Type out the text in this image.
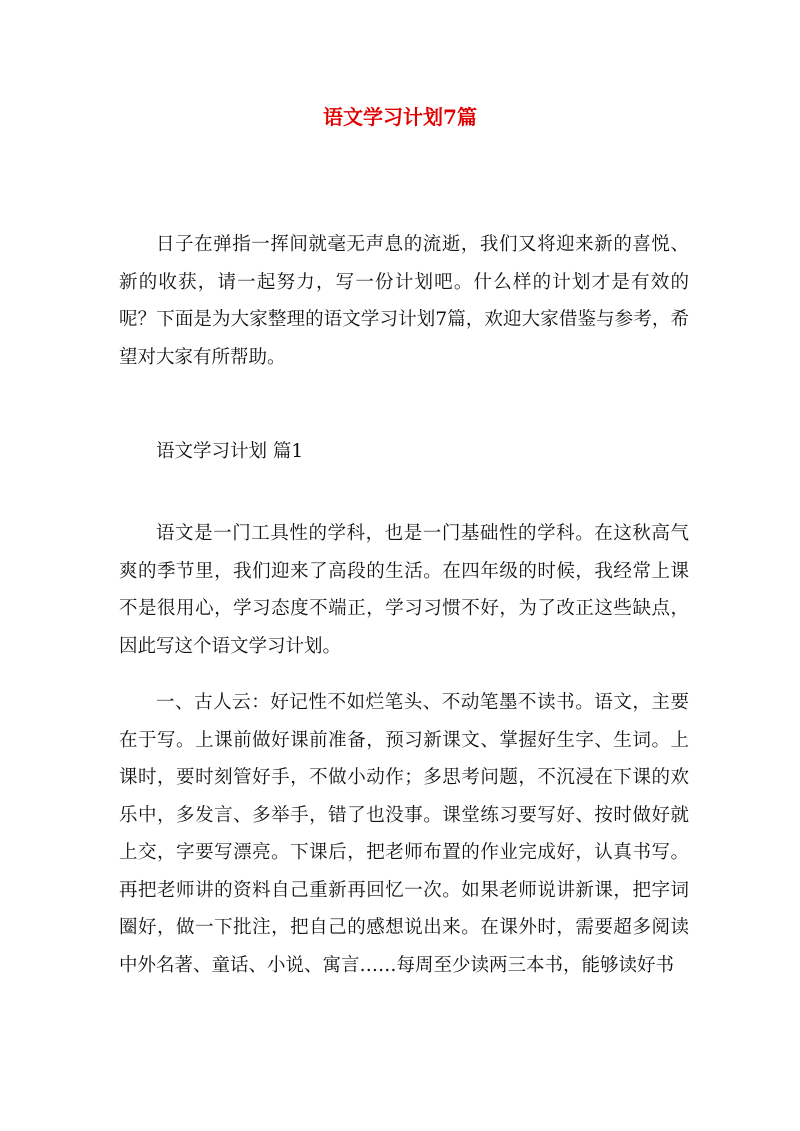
语文学习计划7篇

日子在弹指一挥间就毫无声息的流逝，我们又将迎来新的喜悦、新的收获，请一起努力，写一份计划吧。什么样的计划才是有效的呢？下面是为大家整理的语文学习计划7篇，欢迎大家借鉴与参考，希望对大家有所帮助。

语文学习计划 篇1

语文是一门工具性的学科，也是一门基础性的学科。在这秋高气爽的季节里，我们迎来了高段的生活。在四年级的时候，我经常上课不是很用心，学习态度不端正，学习习惯不好，为了改正这些缺点，因此写这个语文学习计划。

一、古人云：好记性不如烂笔头、不动笔墨不读书。语文，主要在于写。上课前做好课前准备，预习新课文、掌握好生字、生词。上课时，要时刻管好手，不做小动作；多思考问题，不沉浸在下课的欢乐中，多发言、多举手，错了也没事。课堂练习要写好、按时做好就上交，字要写漂亮。下课后，把老师布置的作业完成好，认真书写。再把老师讲的资料自己重新再回忆一次。如果老师说讲新课，把字词圈好，做一下批注，把自己的感想说出来。在课外时，需要超多阅读中外名著、童话、小说、寓言……每周至少读两三本书，能够读好书
